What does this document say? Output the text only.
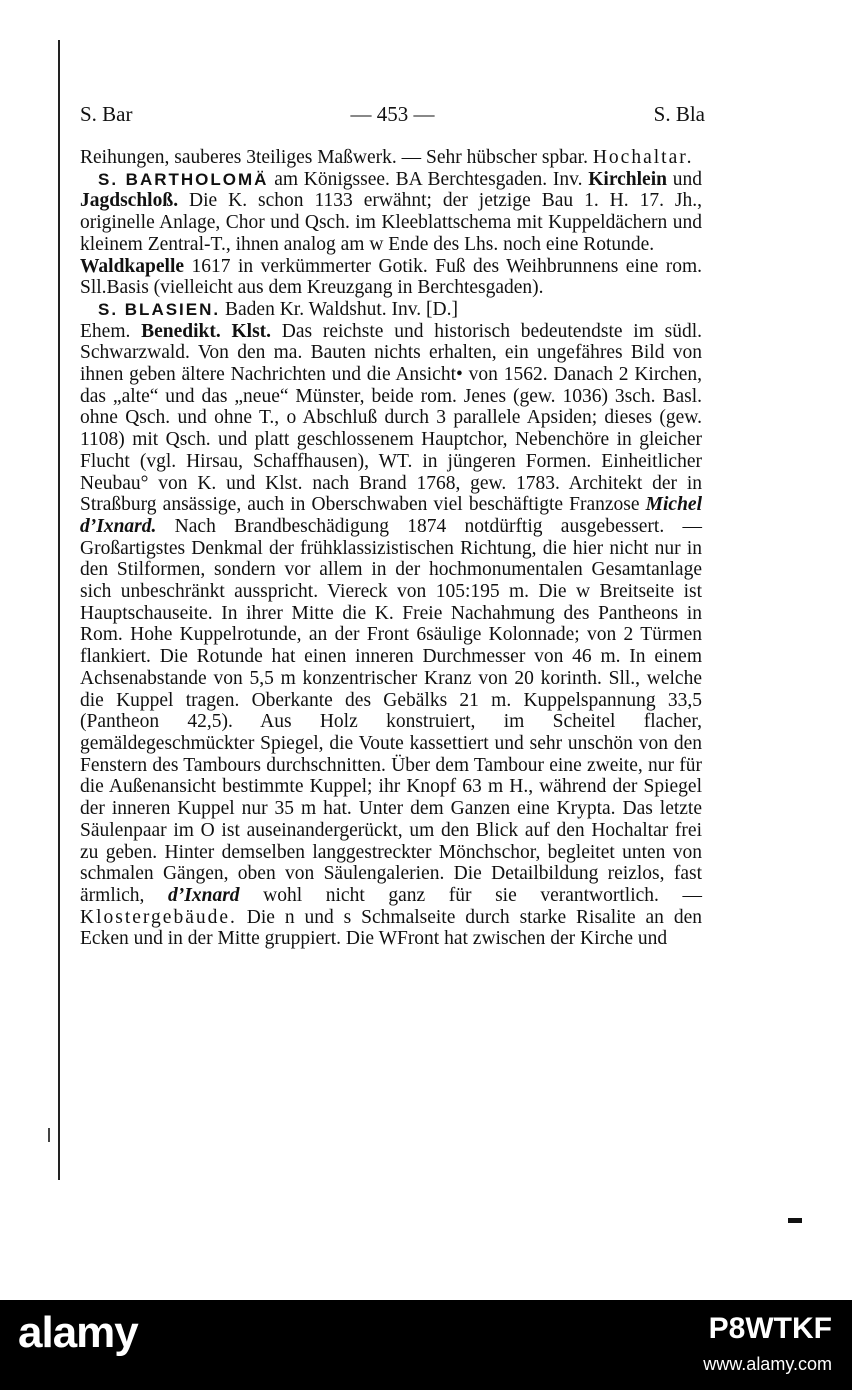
S. Bar	— 453 —	S. Bla

Reihungen, sauberes 3teiliges Maßwerk. — Sehr hübscher spbar. Hochaltar.

S. BARTHOLOMÄ am Königssee. BA Berchtesgaden. Inv. Kirchlein und Jagdschloß. Die K. schon 1133 erwähnt; der jetzige Bau 1. H. 17. Jh., originelle Anlage, Chor und Qsch. im Kleeblattschema mit Kuppeldächern und kleinem Zentral-T., ihnen analog am w Ende des Lhs. noch eine Rotunde.

Waldkapelle 1617 in verkümmerter Gotik. Fuß des Weihbrunnens eine rom. Sll.Basis (vielleicht aus dem Kreuzgang in Berchtesgaden).

S. BLASIEN. Baden Kr. Waldshut. Inv. [D.]

Ehem. Benedikt. Klst. Das reichste und historisch bedeutendste im südl. Schwarzwald. Von den ma. Bauten nichts erhalten, ein ungefähres Bild von ihnen geben ältere Nachrichten und die Ansicht• von 1562. Danach 2 Kirchen, das „alte“ und das „neue“ Münster, beide rom. Jenes (gew. 1036) 3sch. Basl. ohne Qsch. und ohne T., o Abschluß durch 3 parallele Apsiden; dieses (gew. 1108) mit Qsch. und platt geschlossenem Hauptchor, Nebenchöre in gleicher Flucht (vgl. Hirsau, Schaffhausen), WT. in jüngeren Formen. Einheitlicher Neubau° von K. und Klst. nach Brand 1768, gew. 1783. Architekt der in Straßburg ansässige, auch in Oberschwaben viel beschäftigte Franzose Michel d’Ixnard. Nach Brandbeschädigung 1874 notdürftig ausgebessert. — Großartigstes Denkmal der frühklassizistischen Richtung, die hier nicht nur in den Stilformen, sondern vor allem in der hochmonumentalen Gesamtanlage sich unbeschränkt ausspricht. Viereck von 105:195 m. Die w Breitseite ist Hauptschauseite. In ihrer Mitte die K. Freie Nachahmung des Pantheons in Rom. Hohe Kuppelrotunde, an der Front 6säulige Kolonnade; von 2 Türmen flankiert. Die Rotunde hat einen inneren Durchmesser von 46 m. In einem Achsenabstande von 5,5 m konzentrischer Kranz von 20 korinth. Sll., welche die Kuppel tragen. Oberkante des Gebälks 21 m. Kuppelspannung 33,5 (Pantheon 42,5). Aus Holz konstruiert, im Scheitel flacher, gemäldegeschmückter Spiegel, die Voute kassettiert und sehr unschön von den Fenstern des Tambours durchschnitten. Über dem Tambour eine zweite, nur für die Außenansicht bestimmte Kuppel; ihr Knopf 63 m H., während der Spiegel der inneren Kuppel nur 35 m hat. Unter dem Ganzen eine Krypta. Das letzte Säulenpaar im O ist auseinandergerückt, um den Blick auf den Hochaltar frei zu geben. Hinter demselben langgestreckter Mönchschor, begleitet unten von schmalen Gängen, oben von Säulengalerien. Die Detailbildung reizlos, fast ärmlich, d’Ixnard wohl nicht ganz für sie verantwortlich. — Klostergebäude. Die n und s Schmalseite durch starke Risalite an den Ecken und in der Mitte gruppiert. Die WFront hat zwischen der Kirche und

alamy	P8WTKF
www.alamy.com
